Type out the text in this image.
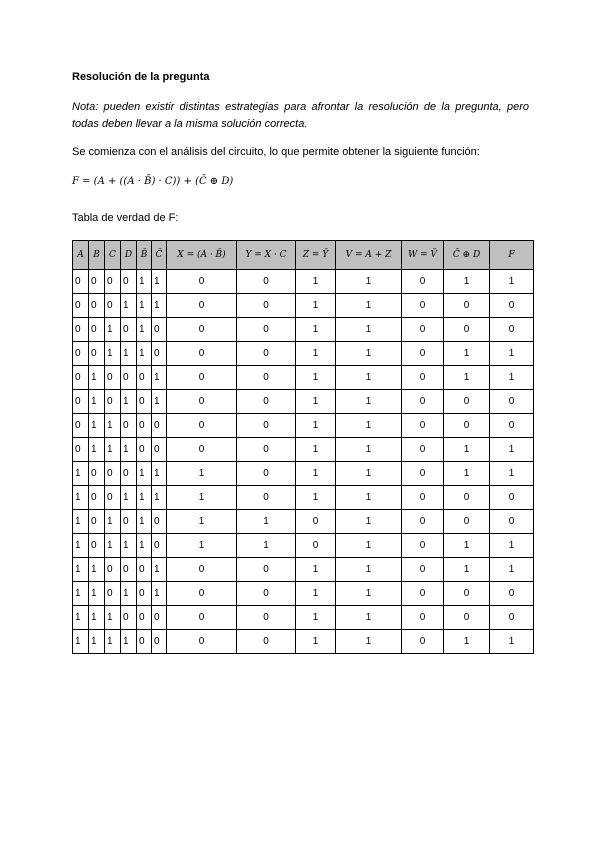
Resolución de la pregunta
Nota: pueden existir distintas estrategias para afrontar la resolución de la pregunta, pero
todas deben llevar a la misma solución correcta.
Se comienza con el análisis del circuito, lo que permite obtener la siguiente función:
F = (A + ((A · B̄) · C)) + (C̄ ⊕ D)
Tabla de verdad de F:
A	B	C	D	B̄	C̄	X = (A · B̄)	Y = X · C	Z = Ȳ	V = A + Z	W = V̄	C̄ ⊕ D	F
0	0	0	0	1	1	0	0	1	1	0	1	1
0	0	0	1	1	1	0	0	1	1	0	0	0
0	0	1	0	1	0	0	0	1	1	0	0	0
0	0	1	1	1	0	0	0	1	1	0	1	1
0	1	0	0	0	1	0	0	1	1	0	1	1
0	1	0	1	0	1	0	0	1	1	0	0	0
0	1	1	0	0	0	0	0	1	1	0	0	0
0	1	1	1	0	0	0	0	1	1	0	1	1
1	0	0	0	1	1	1	0	1	1	0	1	1
1	0	0	1	1	1	1	0	1	1	0	0	0
1	0	1	0	1	0	1	1	0	1	0	0	0
1	0	1	1	1	0	1	1	0	1	0	1	1
1	1	0	0	0	1	0	0	1	1	0	1	1
1	1	0	1	0	1	0	0	1	1	0	0	0
1	1	1	0	0	0	0	0	1	1	0	0	0
1	1	1	1	0	0	0	0	1	1	0	1	1
